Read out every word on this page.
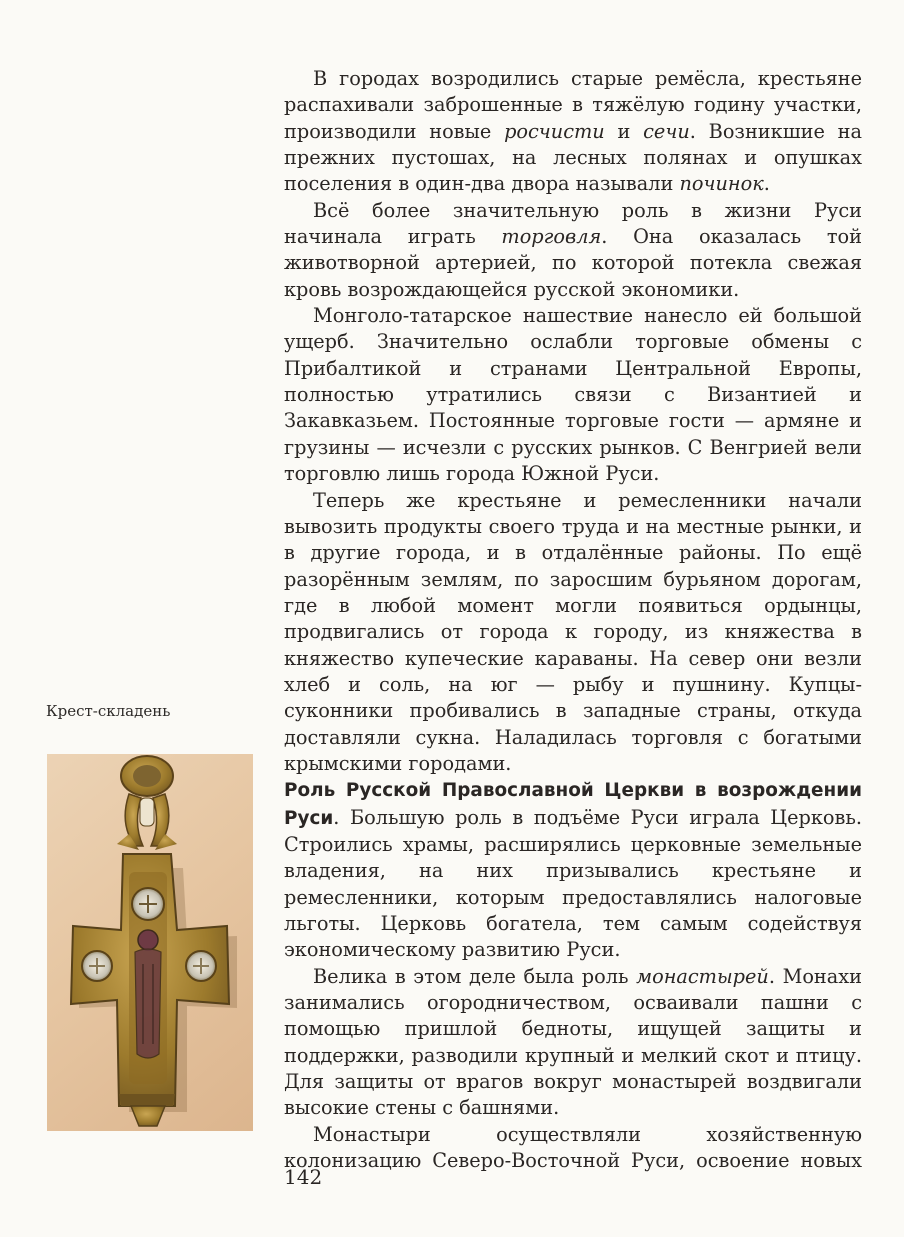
Крест-складень

В городах возродились старые ремёсла, крестьяне распахивали заброшенные в тяжёлую годину участки, производили новые росчисти и сечи. Возникшие на прежних пустошах, на лесных полянах и опушках поселения в один-два двора называли починок.

Всё более значительную роль в жизни Руси начинала играть торговля. Она оказалась той животворной артерией, по которой потекла свежая кровь возрождающейся русской экономики.

Монголо-татарское нашествие нанесло ей большой ущерб. Значительно ослабли торговые обмены с Прибалтикой и странами Центральной Европы, полностью утратились связи с Византией и Закавказьем. Постоянные торговые гости — армяне и грузины — исчезли с русских рынков. С Венгрией вели торговлю лишь города Южной Руси.

Теперь же крестьяне и ремесленники начали вывозить продукты своего труда и на местные рынки, и в другие города, и в отдалённые районы. По ещё разорённым землям, по заросшим бурьяном дорогам, где в любой момент могли появиться ордынцы, продвигались от города к городу, из княжества в княжество купеческие караваны. На север они везли хлеб и соль, на юг — рыбу и пушнину. Купцы-суконники пробивались в западные страны, откуда доставляли сукна. Наладилась торговля с богатыми крымскими городами.

Роль Русской Православной Церкви в возрождении Руси. Большую роль в подъёме Руси играла Церковь. Строились храмы, расширялись церковные земельные владения, на них призывались крестьяне и ремесленники, которым предоставлялись налоговые льготы. Церковь богатела, тем самым содействуя экономическому развитию Руси.

Велика в этом деле была роль монастырей. Монахи занимались огородничеством, осваивали пашни с помощью пришлой бедноты, ищущей защиты и поддержки, разводили крупный и мелкий скот и птицу. Для защиты от врагов вокруг монастырей воздвигали высокие стены с башнями.

Монастыри осуществляли хозяйственную колонизацию Северо-Восточной Руси, освоение новых

142
